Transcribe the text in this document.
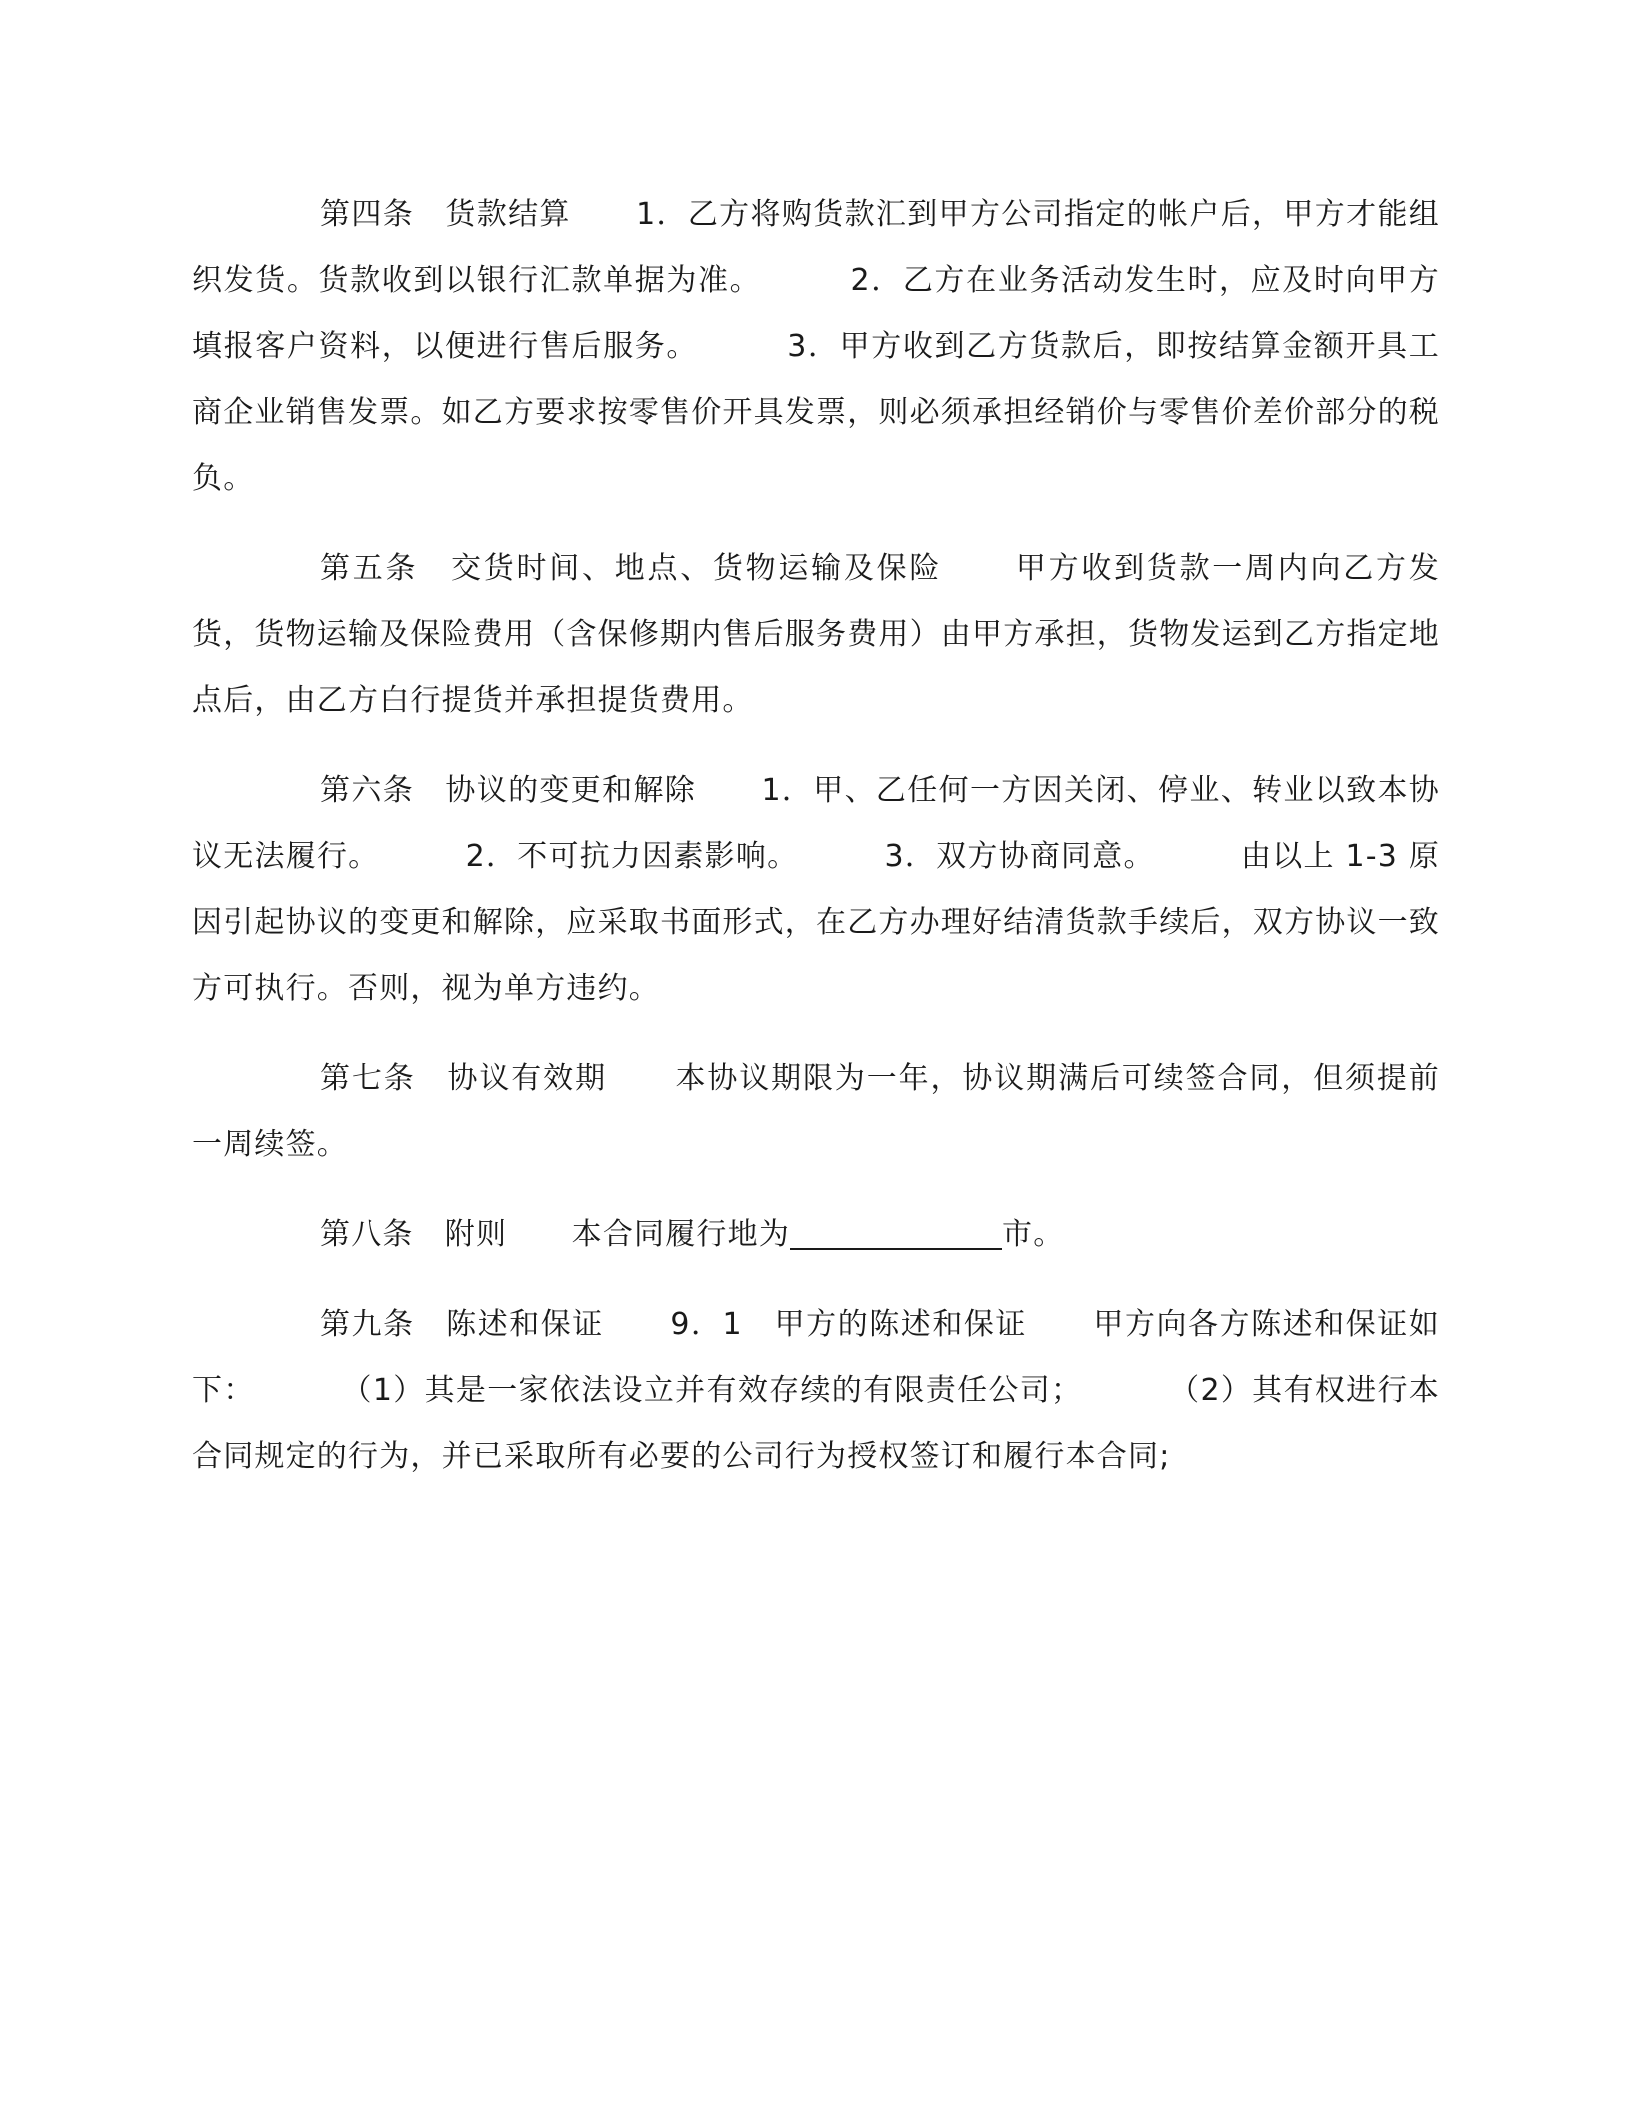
第四条　货款结算 1．乙方将购货款汇到甲方公司指定的帐户后，甲方才能组织发货。货款收到以银行汇款单据为准。	2．乙方在业务活动发生时，应及时向甲方填报客户资料，以便进行售后服务。	3．甲方收到乙方货款后，即按结算金额开具工商企业销售发票。如乙方要求按零售价开具发票，则必须承担经销价与零售价差价部分的税负。

第五条　交货时间、地点、货物运输及保险 甲方收到货款一周内向乙方发货，货物运输及保险费用（含保修期内售后服务费用）由甲方承担，货物发运到乙方指定地点后，由乙方白行提货并承担提货费用。

第六条　协议的变更和解除 1．甲、乙任何一方因关闭、停业、转业以致本协议无法履行。	2．不可抗力因素影响。	3．双方协商同意。	由以上 1-3 原因引起协议的变更和解除，应采取书面形式，在乙方办理好结清货款手续后，双方协议一致方可执行。否则，视为单方违约。

第七条　协议有效期 本协议期限为一年，协议期满后可续签合同，但须提前一周续签。

第八条　附则 本合同履行地为	市。

第九条　陈述和保证 9．1　甲方的陈述和保证 甲方向各方陈述和保证如下：	（1）其是一家依法设立并有效存续的有限责任公司；	（2）其有权进行本合同规定的行为，并已采取所有必要的公司行为授权签订和履行本合同;
